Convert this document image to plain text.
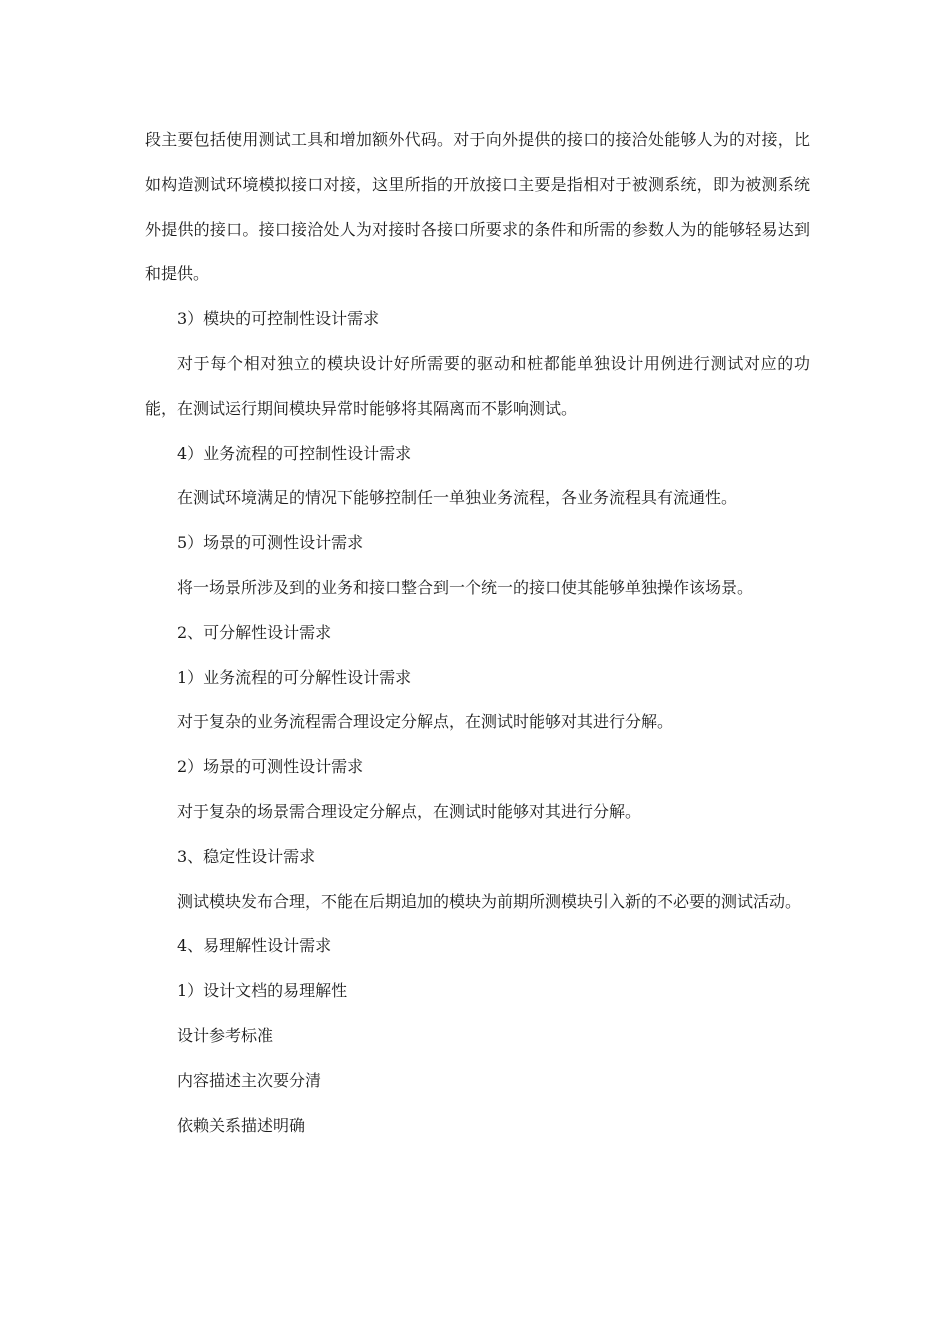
段主要包括使用测试工具和增加额外代码。对于向外提供的接口的接洽处能够人为的对接，比如构造测试环境模拟接口对接，这里所指的开放接口主要是指相对于被测系统，即为被测系统外提供的接口。接口接洽处人为对接时各接口所要求的条件和所需的参数人为的能够轻易达到和提供。

3）模块的可控制性设计需求

对于每个相对独立的模块设计好所需要的驱动和桩都能单独设计用例进行测试对应的功能，在测试运行期间模块异常时能够将其隔离而不影响测试。

4）业务流程的可控制性设计需求

在测试环境满足的情况下能够控制任一单独业务流程，各业务流程具有流通性。

5）场景的可测性设计需求

将一场景所涉及到的业务和接口整合到一个统一的接口使其能够单独操作该场景。

2、可分解性设计需求

1）业务流程的可分解性设计需求

对于复杂的业务流程需合理设定分解点，在测试时能够对其进行分解。

2）场景的可测性设计需求

对于复杂的场景需合理设定分解点，在测试时能够对其进行分解。

3、稳定性设计需求

测试模块发布合理，不能在后期追加的模块为前期所测模块引入新的不必要的测试活动。

4、易理解性设计需求

1）设计文档的易理解性

设计参考标准

内容描述主次要分清

依赖关系描述明确
